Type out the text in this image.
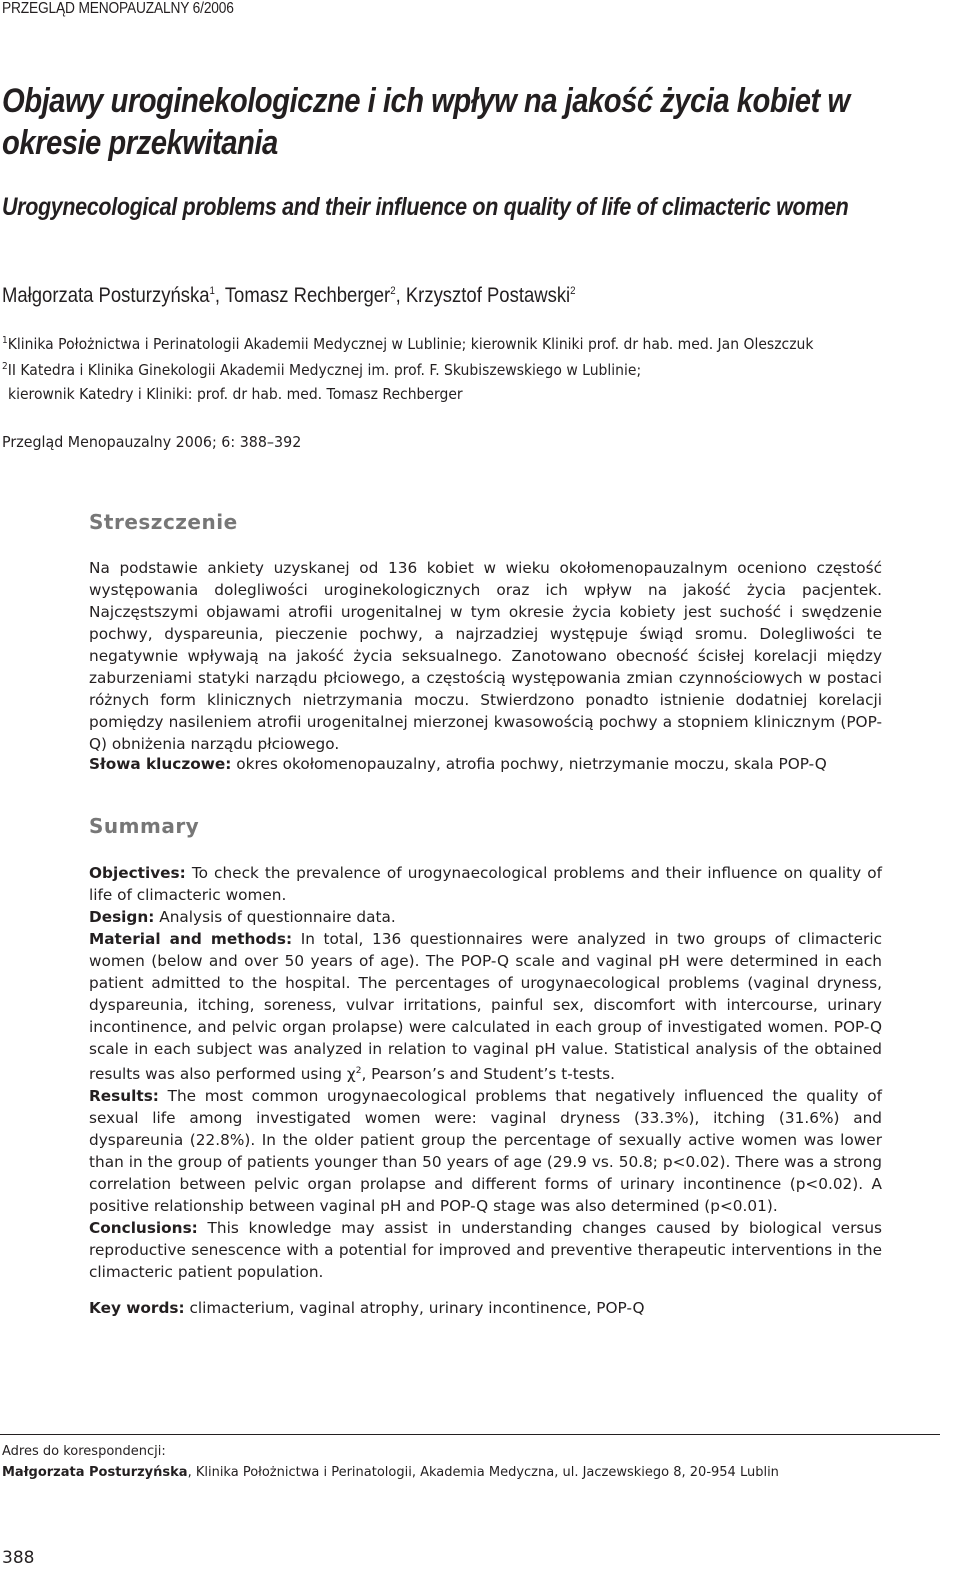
PRZEGLĄD MENOPAUZALNY 6/2006
Objawy uroginekologiczne i ich wpływ na jakość życia kobiet w okresie przekwitania
Urogynecological problems and their influence on quality of life of climacteric women
Małgorzata Posturzyńska$^1$, Tomasz Rechberger$^2$, Krzysztof Postawski$^2$
$^1$Klinika Położnictwa i Perinatologii Akademii Medycznej w Lublinie; kierownik Kliniki prof. dr hab. med. Jan Oleszczuk
$^2$II Katedra i Klinika Ginekologii Akademii Medycznej im. prof. F. Skubiszewskiego w Lublinie;
kierownik Katedry i Kliniki: prof. dr hab. med. Tomasz Rechberger
Przegląd Menopauzalny 2006; 6: 388–392
Streszczenie

Na podstawie ankiety uzyskanej od 136 kobiet w wieku okołomenopauzalnym oceniono częstość występowania dolegliwości uroginekologicznych oraz ich wpływ na jakość życia pacjentek. Najczęstszymi objawami atrofii urogenitalnej w tym okresie życia kobiety jest suchość i swędzenie pochwy, dyspareunia, pieczenie pochwy, a najrzadziej występuje świąd sromu. Dolegliwości te negatywnie wpływają na jakość życia seksualnego. Zanotowano obecność ścisłej korelacji między zaburzeniami statyki narządu płciowego, a częstością występowania zmian czynnościowych w postaci różnych form klinicznych nietrzymania moczu. Stwierdzono ponadto istnienie dodatniej korelacji pomiędzy nasileniem atrofii urogenitalnej mierzonej kwasowością pochwy a stopniem klinicznym (POP-Q) obniżenia narządu płciowego.

Słowa kluczowe: okres okołomenopauzalny, atrofia pochwy, nietrzymanie moczu, skala POP-Q
Summary
Objectives: To check the prevalence of urogynaecological problems and their influence on quality of life of climacteric women.
Design: Analysis of questionnaire data.
Material and methods: In total, 136 questionnaires were analyzed in two groups of climacteric women (below and over 50 years of age). The POP-Q scale and vaginal pH were determined in each patient admitted to the hospital. The percentages of urogynaecological problems (vaginal dryness, dyspareunia, itching, soreness, vulvar irritations, painful sex, discomfort with intercourse, urinary incontinence, and pelvic organ prolapse) were calculated in each group of investigated women. POP-Q scale in each subject was analyzed in relation to vaginal pH value. Statistical analysis of the obtained results was also performed using $\chi^2$, Pearson’s and Student’s t-tests.
Results: The most common urogynaecological problems that negatively influenced the quality of sexual life among investigated women were: vaginal dryness (33.3%), itching (31.6%) and dyspareunia (22.8%). In the older patient group the percentage of sexually active women was lower than in the group of patients younger than 50 years of age (29.9 vs. 50.8; p<0.02). There was a strong correlation between pelvic organ prolapse and different forms of urinary incontinence (p<0.02). A positive relationship between vaginal pH and POP-Q stage was also determined (p<0.01).
Conclusions: This knowledge may assist in understanding changes caused by biological versus reproductive senescence with a potential for improved and preventive therapeutic interventions in the climacteric patient population.
Key words: climacterium, vaginal atrophy, urinary incontinence, POP-Q
Adres do korespondencji:
Małgorzata Posturzyńska, Klinika Położnictwa i Perinatologii, Akademia Medyczna, ul. Jaczewskiego 8, 20-954 Lublin
388
